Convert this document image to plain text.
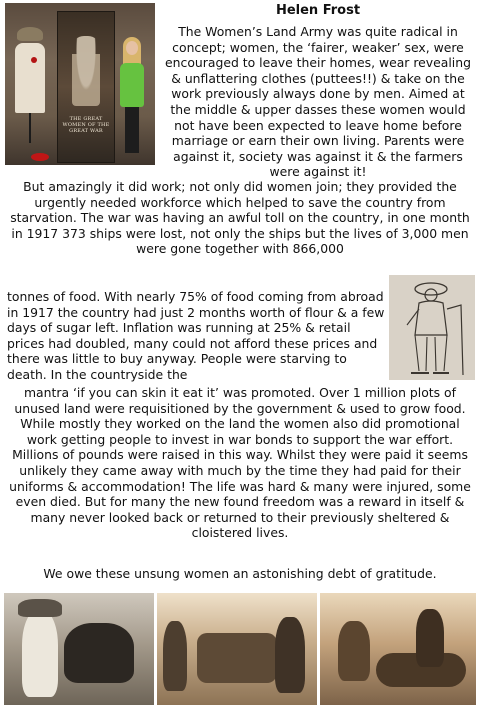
THE GREAT WOMEN OF THE GREAT WAR
Helen Frost

The Women’s Land Army was quite radical in concept; women, the ‘fairer, weaker’ sex, were encouraged to leave their homes, wear revealing & unflattering clothes (puttees!!) & take on the work previously always done by men. Aimed at the middle & upper dasses these women would not have been expected to leave home before marriage or earn their own living. Parents were against it, society was against it & the farmers were against it!

But amazingly it did work; not only did women join; they provided the urgently needed workforce which helped to save the country from starvation. The war was having an awful toll on the country, in one month in 1917 373 ships were lost, not only the ships but the lives of 3,000 men were gone together with 866,000

tonnes of food. With nearly 75% of food coming from abroad in 1917 the country had just 2 months worth of flour & a few days of sugar left. Inflation was running at 25% & retail prices had doubled, many could not afford these prices and there was little to buy anyway. People were starving to death. In the countryside the

mantra ‘if you can skin it eat it’ was promoted. Over 1 million plots of unused land were requisitioned by the government & used to grow food. While mostly they worked on the land the women also did promotional work getting people to invest in war bonds to support the war effort. Millions of pounds were raised in this way. Whilst they were paid it seems unlikely they came away with much by the time they had paid for their uniforms & accommodation! The life was hard & many were injured, some even died. But for many the new found freedom was a reward in itself & many never looked back or returned to their previously sheltered & cloistered lives.

We owe these unsung women an astonishing debt of gratitude.
